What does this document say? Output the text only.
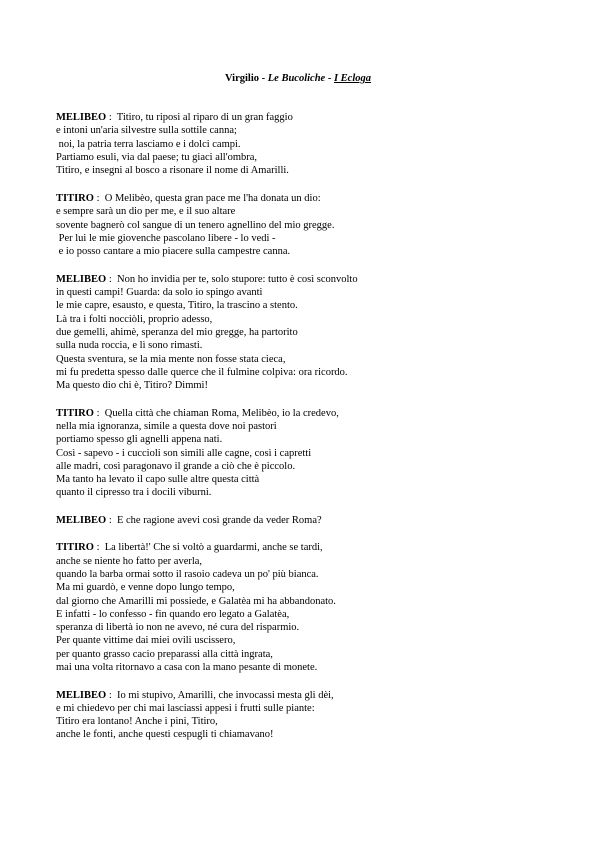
Virgilio - Le Bucoliche - I Ecloga
MELIBEO :  Titiro, tu riposi al riparo di un gran faggio
e intoni un'aria silvestre sulla sottile canna;
noi, la patria terra lasciamo e i dolci campi.
Partiamo esuli, via dal paese; tu giaci all'ombra,
Titiro, e insegni al bosco a risonare il nome di Amarilli.
TITIRO :  O Melibèo, questa gran pace me l'ha donata un dio:
e sempre sarà un dio per me, e il suo altare
sovente bagnerò col sangue di un tenero agnellino del mio gregge.
Per lui le mie giovenche pascolano libere - lo vedi -
e io posso cantare a mio piacere sulla campestre canna.
MELIBEO :  Non ho invidia per te, solo stupore: tutto è così sconvolto
in questi campi! Guarda: da solo io spingo avanti
le mie capre, esausto, e questa, Titiro, la trascino a stento.
Là tra i folti nocciòli, proprio adesso,
due gemelli, ahimè, speranza del mio gregge, ha partorito
sulla nuda roccia, e lì sono rimasti.
Questa sventura, se la mia mente non fosse stata cieca,
mi fu predetta spesso dalle querce che il fulmine colpiva: ora ricordo.
Ma questo dio chi è, Titiro? Dimmi!
TITIRO :  Quella città che chiaman Roma, Melibèo, io la credevo,
nella mia ignoranza, simile a questa dove noi pastori
portiamo spesso gli agnelli appena nati.
Così - sapevo - i cuccioli son simili alle cagne, così i capretti
alle madri, così paragonavo il grande a ciò che è piccolo.
Ma tanto ha levato il capo sulle altre questa città
quanto il cipresso tra i docili viburni.
MELIBEO :  E che ragione avevi così grande da veder Roma?
TITIRO :  La libertà!' Che si voltò a guardarmi, anche se tardi,
anche se niente ho fatto per averla,
quando la barba ormai sotto il rasoio cadeva un po' più bianca.
Ma mi guardò, e venne dopo lungo tempo,
dal giorno che Amarilli mi possiede, e Galatèa mi ha abbandonato.
E infatti - lo confesso - fin quando ero legato a Galatèa,
speranza di libertà io non ne avevo, né cura del risparmio.
Per quante vittime dai miei ovili uscissero,
per quanto grasso cacio preparassi alla città ingrata,
mai una volta ritornavo a casa con la mano pesante di monete.
MELIBEO :  Io mi stupivo, Amarilli, che invocassi mesta gli dèi,
e mi chiedevo per chi mai lasciassi appesi i frutti sulle piante:
Titiro era lontano! Anche i pini, Titiro,
anche le fonti, anche questi cespugli ti chiamavano!
